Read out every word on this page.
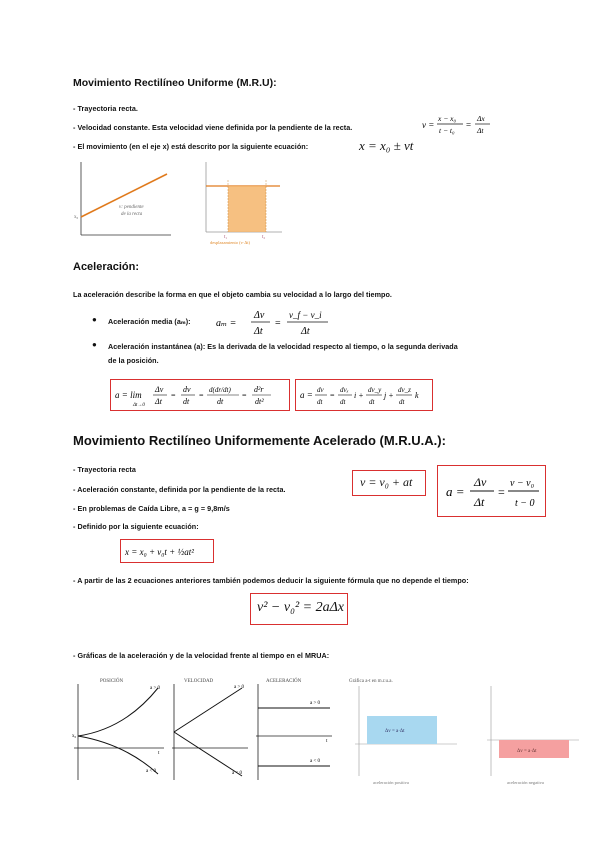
Movimiento Rectilíneo Uniforme (M.R.U):
- Trayectoria recta.
- Velocidad constante. Esta velocidad viene definida por la pendiente de la recta.
- El movimiento (en el eje x) está descrito por la siguiente ecuación:
v =
x − x₀
t − t₀
=
Δx
Δt
x = x₀ ± vt
x₀
v: pendiente
de la recta
t₁	t₂
desplazamiento (v·Δt)
Aceleración:
La aceleración describe la forma en que el objeto cambia su velocidad a lo largo del tiempo.
● Aceleración media (aₘ):	aₘ =
Δv
Δt
=
v_f − v_i
Δt
● Aceleración instantánea (a): Es la derivada de la velocidad respecto al tiempo, o la segunda derivada
de la posición.
a = lim
Δt→0
Δv
Δt
=
dv
dt
=
d(dr/dt)
dt
=
d²r
dt²
a = dv
dt
=
dvₓ
dt
i +
dv_y
dt
j +
dv_z
dt
k
Movimiento Rectilíneo Uniformemente Acelerado (M.R.U.A.):
- Trayectoria recta
- Aceleración constante, definida por la pendiente de la recta.
- En problemas de Caída Libre, a = g = 9,8m/s
- Definido por la siguiente ecuación:
v = v₀ + at
a =
Δv
Δt
=
v − v₀
t − 0
x = x₀ + v₀t + ½at²
- A partir de las 2 ecuaciones anteriores también podemos deducir la siguiente fórmula que no depende el tiempo:
v² − v₀² = 2aΔx
- Gráficas de la aceleración y de la velocidad frente al tiempo en el MRUA:
POSICIÓN
x₀
a > 0
a < 0
t
VELOCIDAD
a > 0
a < 0
ACELERACIÓN
a > 0
a < 0
t
Gráfica a-t en m.r.u.a.
Δv = a·Δt
aceleración positiva
Δv = a·Δt
aceleración negativa
